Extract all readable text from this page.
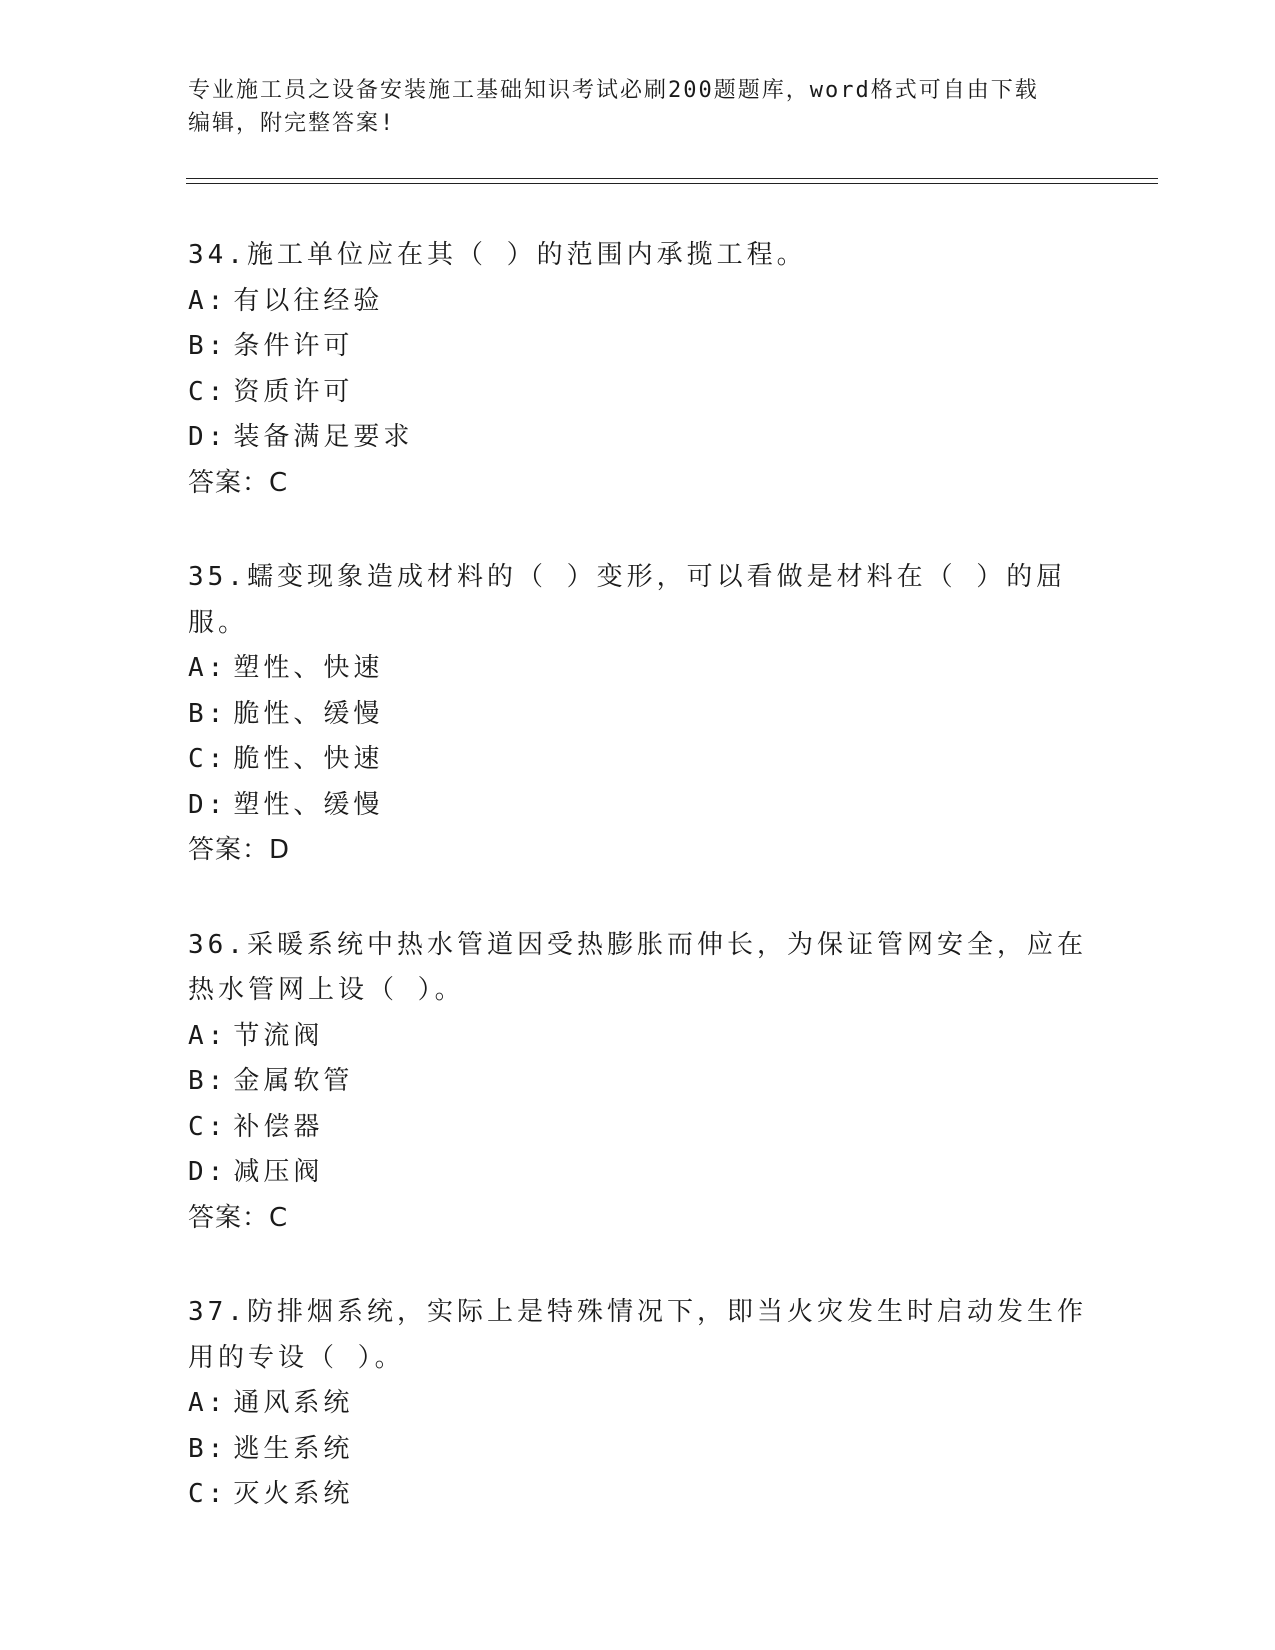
专业施工员之设备安装施工基础知识考试必刷200题题库，word格式可自由下载
编辑，附完整答案!
34.施工单位应在其（ ）的范围内承揽工程。
A: 有以往经验
B: 条件许可
C: 资质许可
D: 装备满足要求
答案：C
35.蠕变现象造成材料的（ ）变形，可以看做是材料在（ ）的屈服。
A: 塑性、快速
B: 脆性、缓慢
C: 脆性、快速
D: 塑性、缓慢
答案：D
36.采暖系统中热水管道因受热膨胀而伸长，为保证管网安全，应在热水管网上设（ ）。
A: 节流阀
B: 金属软管
C: 补偿器
D: 减压阀
答案：C
37.防排烟系统，实际上是特殊情况下，即当火灾发生时启动发生作用的专设（ ）。
A: 通风系统
B: 逃生系统
C: 灭火系统
